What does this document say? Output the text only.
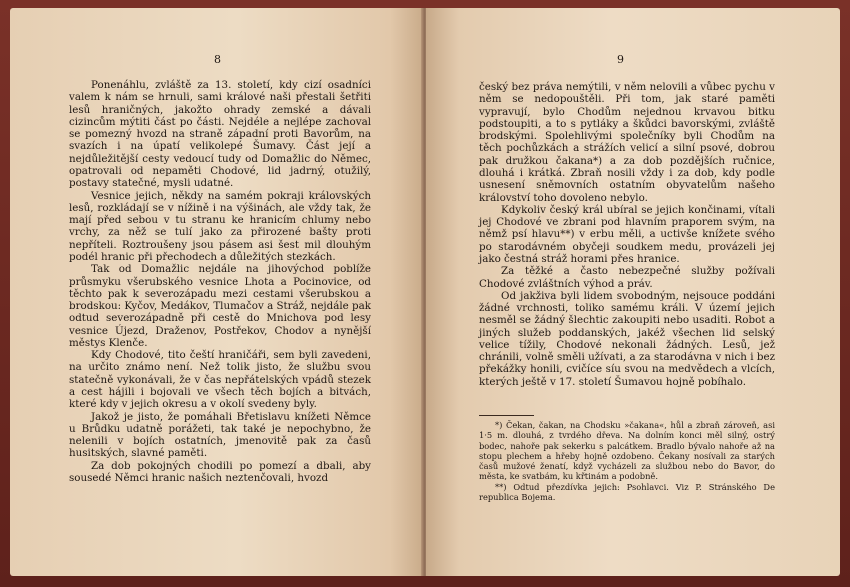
8

Ponenáhlu, zvláště za 13. století, kdy cizí osadníci valem k nám se hrnuli, sami králové naši přestali šetřiti lesů hraničných, jakožto ohrady zemské a dávali cizincům mýtiti část po části. Nejdéle a nejlépe zachoval se pomezný hvozd na straně západní proti Bavorům, na svazích i na úpatí velikolepé Šumavy. Část její a nejdůležitější cesty vedoucí tudy od Domažlic do Němec, opatrovali od nepaměti Chodové, lid jadrný, otužilý, postavy statečné, mysli udatné.

Vesnice jejich, někdy na samém pokraji královských lesů, rozkládají se v nížině i na výšinách, ale vždy tak, že mají před sebou v tu stranu ke hranicím chlumy nebo vrchy, za něž se tulí jako za přirozené bašty proti nepříteli. Roztroušeny jsou pásem asi šest mil dlouhým podél hranic při přechodech a důležitých stezkách.

Tak od Domažlic nejdále na jihovýchod poblíže průsmyku všerubského vesnice Lhota a Pocinovice, od těchto pak k severozápadu mezi cestami všerubskou a brodskou: Kyčov, Medákov, Tlumačov a Stráž, nejdále pak odtud severozápadně při cestě do Mnichova pod lesy vesnice Újezd, Draženov, Postřekov, Chodov a nynější městys Klenče.

Kdy Chodové, tito čeští hraničáři, sem byli zavedeni, na určito známo není. Než tolik jisto, že službu svou statečně vykonávali, že v čas nepřátelských vpádů stezek a cest hájili i bojovali ve všech těch bojích a bitvách, které kdy v jejich okresu a v okolí svedeny byly.

Jakož je jisto, že pomáhali Břetislavu knížeti Němce u Brůdku udatně porážeti, tak také je nepochybno, že nelenili v bojích ostatních, jmenovitě pak za časů husitských, slavné paměti.

Za dob pokojných chodili po pomezí a dbali, aby sousedé Němci hranic našich neztenčovali, hvozd

9

český bez práva nemýtili, v něm nelovili a vůbec pychu v něm se nedopouštěli. Při tom, jak staré paměti vypravují, bylo Chodům nejednou krvavou bitku podstoupiti, a to s pytláky a škůdci bavorskými, zvláště brodskými. Spolehlivými společníky byli Chodům na těch pochůzkách a strážích velicí a silní psové, dobrou pak družkou čakana*) a za dob pozdějších ručnice, dlouhá i krátká. Zbraň nosili vždy i za dob, kdy podle usnesení sněmovních ostatním obyvatelům našeho království toho dovoleno nebylo.

Kdykoliv český král ubíral se jejich končinami, vítali jej Chodové ve zbrani pod hlavním praporem svým, na němž psí hlavu**) v erbu měli, a uctivše knížete svého po starodávném obyčeji soudkem medu, provázeli jej jako čestná stráž horami přes hranice.

Za těžké a často nebezpečné služby požívali Chodové zvláštních výhod a práv.

Od jakživa byli lidem svobodným, nejsouce poddáni žádné vrchnosti, toliko samému králi. V území jejich nesměl se žádný šlechtic zakoupiti nebo usaditi. Robot a jiných služeb poddanských, jakéž všechen lid selský velice tížily, Chodové nekonali žádných. Lesů, jež chránili, volně směli užívati, a za starodávna v nich i bez překážky honili, cvičíce síu svou na medvědech a vlcích, kterých ještě v 17. století Šumavou hojně pobíhalo.

*) Čekan, čakan, na Chodsku »čakana«, hůl a zbraň zároveň, asi 1·5 m. dlouhá, z tvrdého dřeva. Na dolním konci měl silný, ostrý bodec, nahoře pak sekerku s palcátkem. Bradlo bývalo nahoře až na stopu plechem a hřeby hojně ozdobeno. Čekany nosívali za starých časů mužové ženatí, když vycházeli za službou nebo do Bavor, do města, ke svatbám, ku křtinám a podobně.

**) Odtud přezdívka jejich: Psohlavci. Viz P. Stránského De republica Bojema.
